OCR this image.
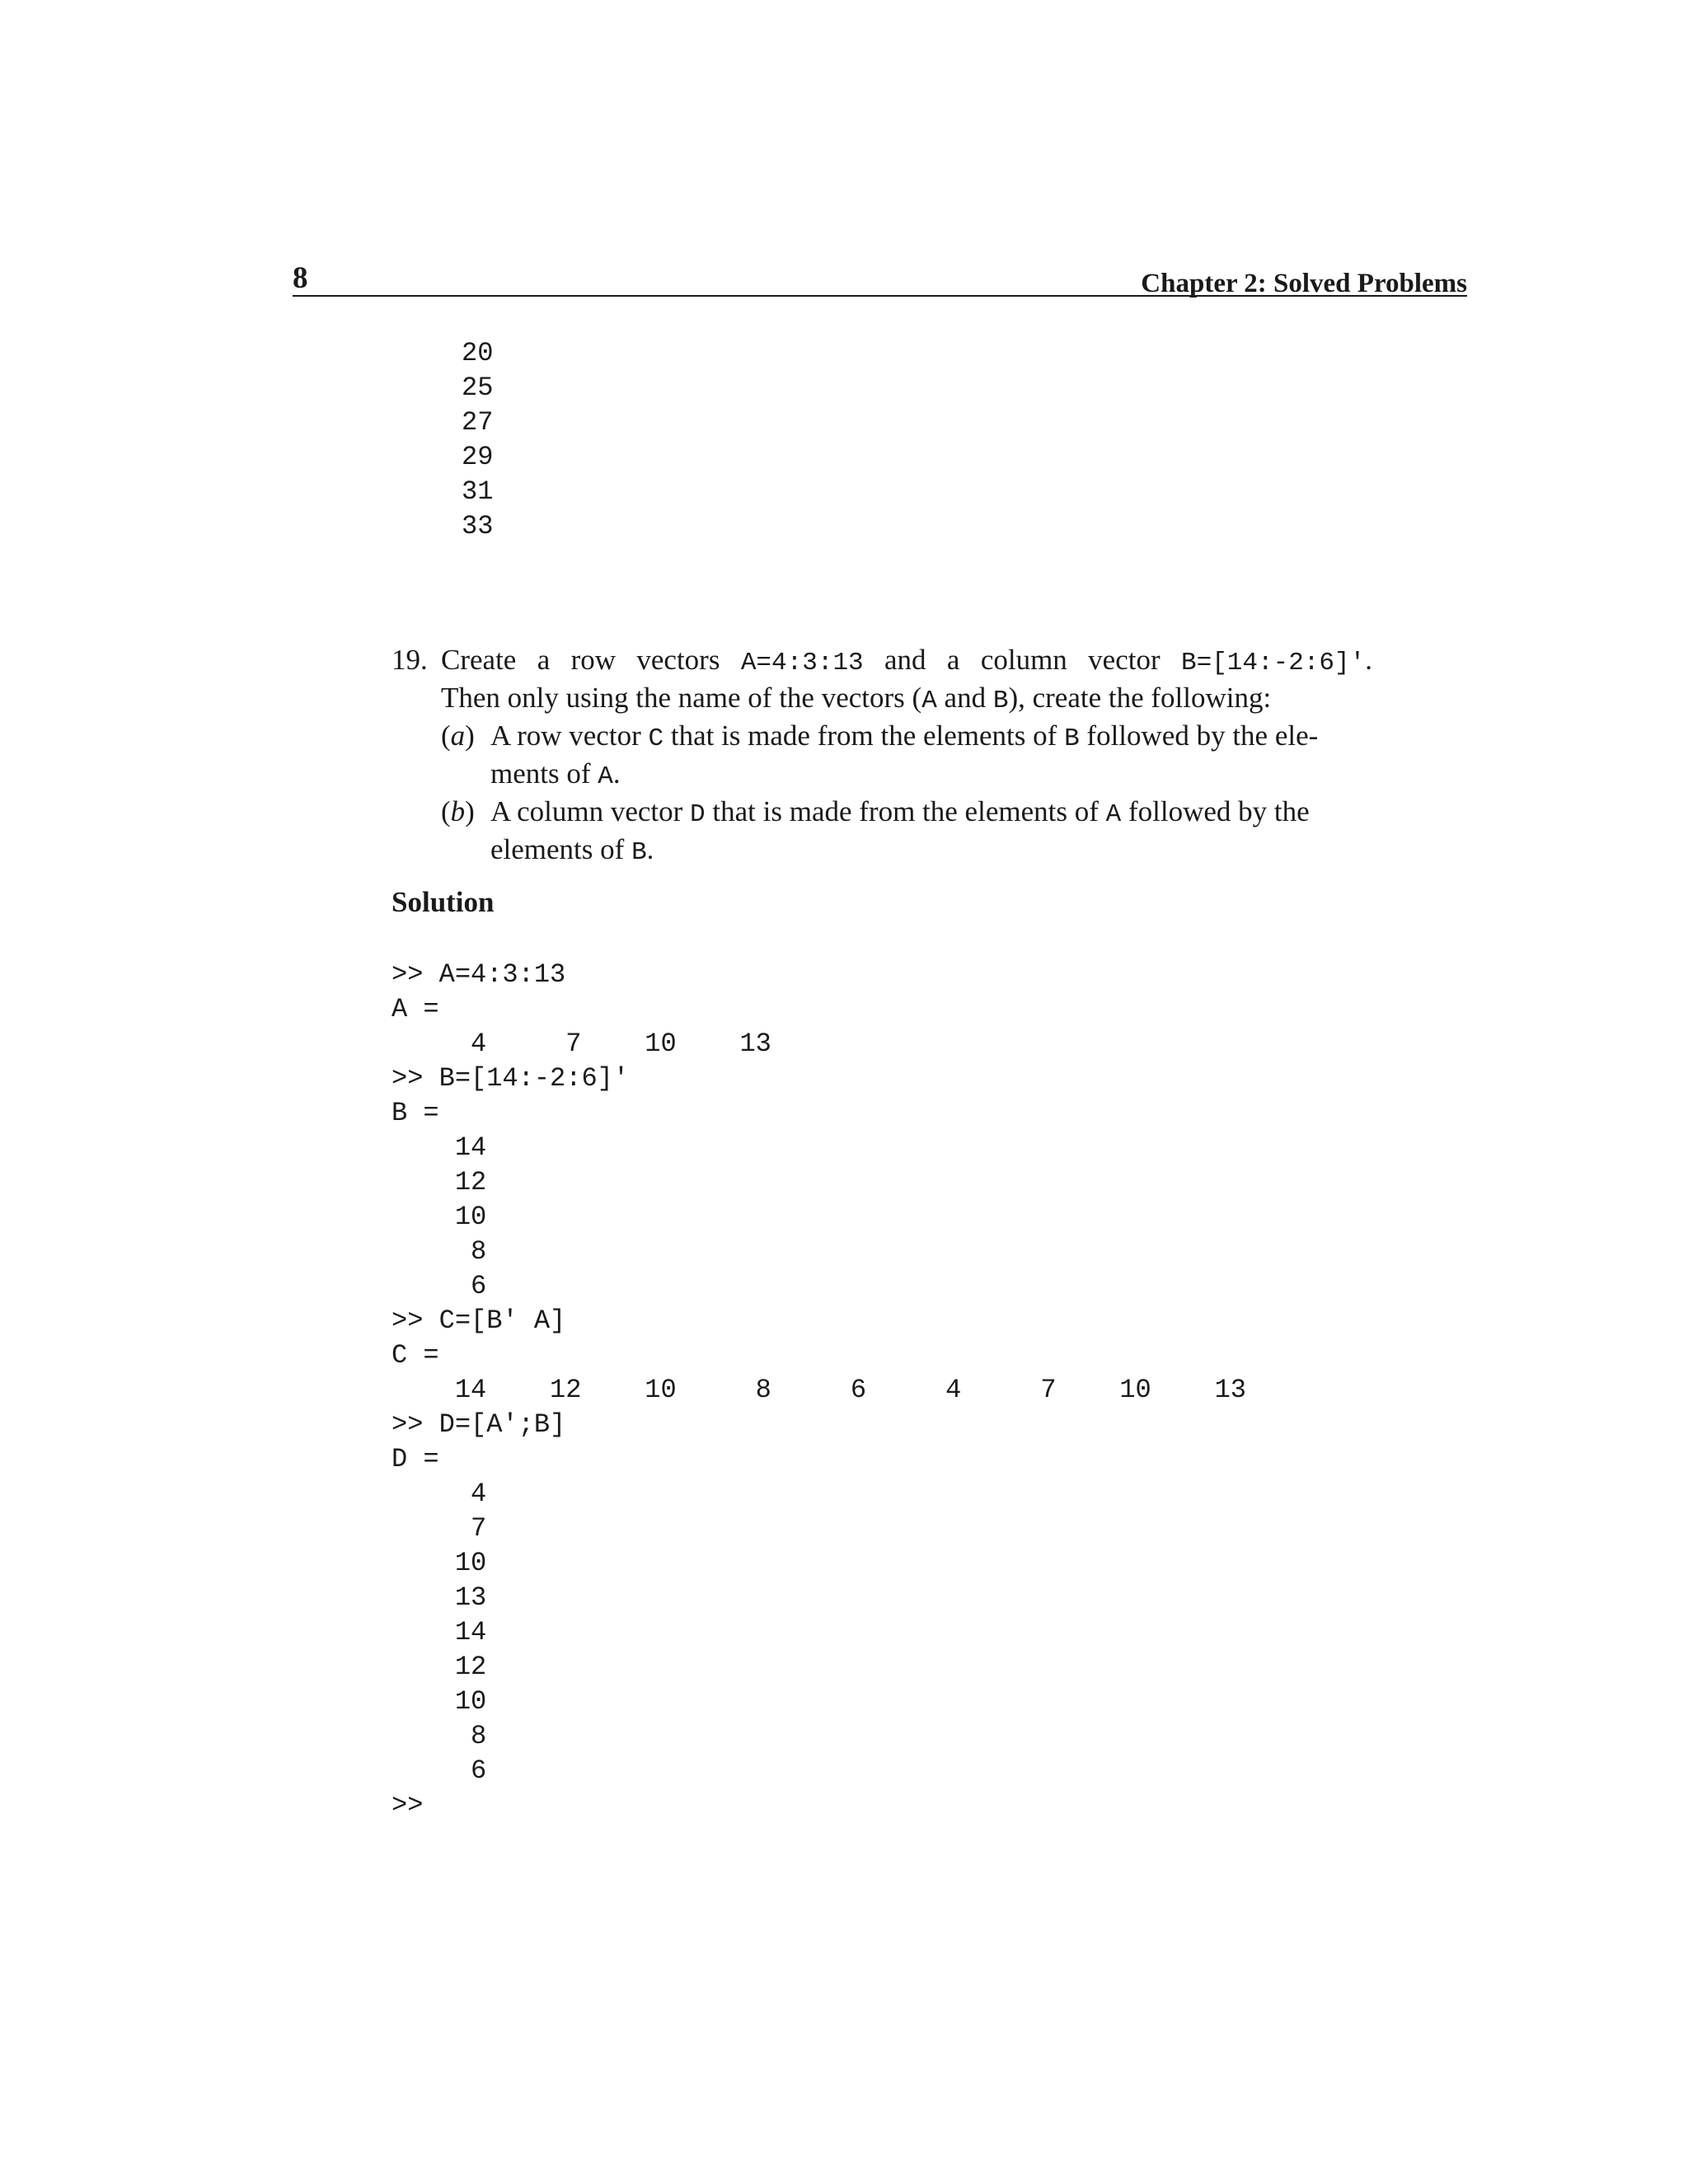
8	Chapter 2: Solved Problems
20
25
27
29
31
33
19. Create a row vectors A=4:3:13 and a column vector B=[14:-2:6]′.
Then only using the name of the vectors (A and B), create the following:
(a) A row vector C that is made from the elements of B followed by the ele-ments of A.
(b) A column vector D that is made from the elements of A followed by the elements of B.
Solution
>> A=4:3:13
A =
4     7    10    13
>> B=[14:-2:6]'
B =
14
12
10
8
6
>> C=[B' A]
C =
14    12    10     8     6     4     7    10    13
>> D=[A';B]
D =
4
7
10
13
14
12
10
8
6
>>
